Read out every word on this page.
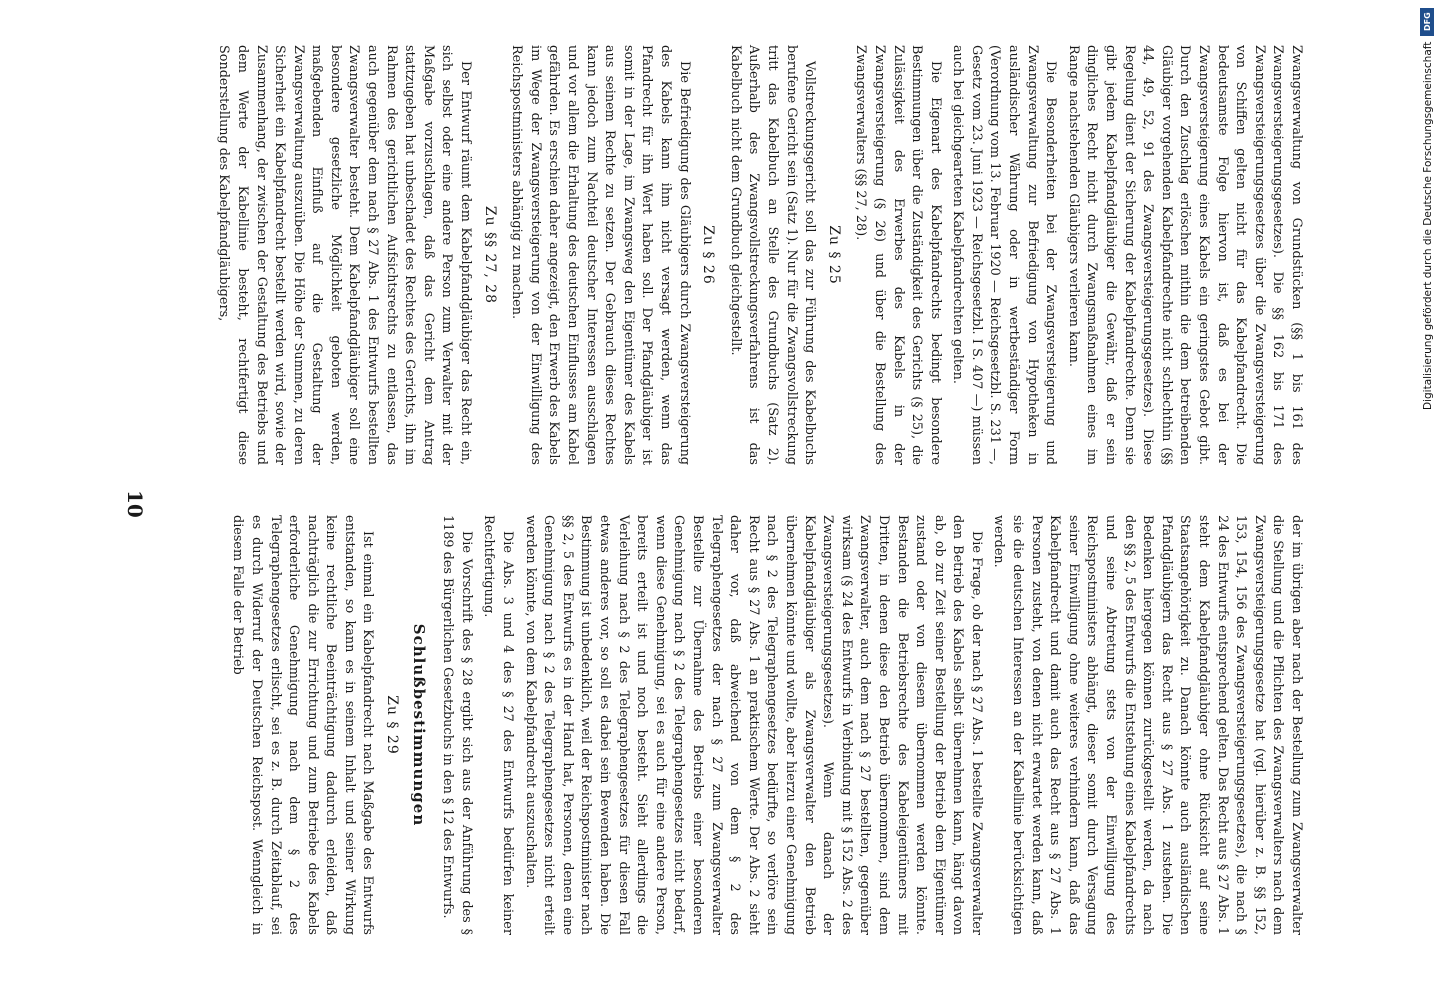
Zwangsverwaltung von Grundstücken (§§ 1 bis 161 des Zwangsversteigerungsgesetzes). Die §§ 162 bis 171 des Zwangsversteigerungsgesetzes über die Zwangsversteigerung von Schiffen gelten nicht für das Kabelpfandrecht. Die bedeutsamste Folge hiervon ist, daß es bei der Zwangsversteigerung eines Kabels ein geringstes Gebot gibt. Durch den Zuschlag erlöschen mithin die dem betreibenden Gläubiger vorgehenden Kabelpfandrechte nicht schlechthin (§§ 44, 49, 52, 91 des Zwangsversteigerungsgesetzes). Diese Regelung dient der Sicherung der Kabelpfandrechte. Denn sie gibt jedem Kabelpfandgläubiger die Gewähr, daß er sein dingliches Recht nicht durch Zwangsmaßnahmen eines im Range nachstehenden Gläubigers verlieren kann.

Die Besonderheiten bei der Zwangsversteigerung und Zwangsverwaltung zur Befriedigung von Hypotheken in ausländischer Währung oder in wertbeständiger Form (Verordnung vom 13. Februar 1920 — Reichsgesetzbl. S. 231 —, Gesetz vom 23. Juni 1923 — Reichsgesetzbl. I S. 407 —) müssen auch bei gleichgearteten Kabelpfandrechten gelten.

Die Eigenart des Kabelpfandrechts bedingt besondere Bestimmungen über die Zuständigkeit des Gerichts (§ 25), die Zulässigkeit des Erwerbes des Kabels in der Zwangsversteigerung (§ 26) und über die Bestellung des Zwangsverwalters (§§ 27, 28).

Zu § 25

Vollstreckungsgericht soll das zur Führung des Kabelbuchs berufene Gericht sein (Satz 1). Nur für die Zwangsvollstreckung tritt das Kabelbuch an Stelle des Grundbuchs (Satz 2). Außerhalb des Zwangsvollstreckungsverfahrens ist das Kabelbuch nicht dem Grundbuch gleichgestellt.

Zu § 26

Die Befriedigung des Gläubigers durch Zwangsversteigerung des Kabels kann ihm nicht versagt werden, wenn das Pfandrecht für ihn Wert haben soll. Der Pfandgläubiger ist somit in der Lage, im Zwangsweg den Eigentümer des Kabels aus seinem Rechte zu setzen. Der Gebrauch dieses Rechtes kann jedoch zum Nachteil deutscher Interessen ausschlagen und vor allem die Erhaltung des deutschen Einflusses am Kabel gefährden. Es erschien daher angezeigt, den Erwerb des Kabels im Wege der Zwangsversteigerung von der Einwilligung des Reichspostministers abhängig zu machen.

Zu §§ 27, 28

Der Entwurf räumt dem Kabelpfandgläubiger das Recht ein, sich selbst oder eine andere Person zum Verwalter mit der Maßgabe vorzuschlagen, daß das Gericht dem Antrag stattzugeben hat unbeschadet des Rechtes des Gerichts, ihn im Rahmen des gerichtlichen Aufsichtsrechts zu entlassen, das auch gegenüber dem nach § 27 Abs. 1 des Entwurfs bestellten Zwangsverwalter besteht. Dem Kabelpfandgläubiger soll eine besondere gesetzliche Möglichkeit geboten werden, maßgebenden Einfluß auf die Gestaltung der Zwangsverwaltung auszuüben. Die Höhe der Summen, zu deren Sicherheit ein Kabelpfandrecht bestellt werden wird, sowie der Zusammenhang, der zwischen der Gestaltung des Betriebs und dem Werte der Kabellinie besteht, rechtfertigt diese Sonderstellung des Kabelpfandgläubigers,

der im übrigen aber nach der Bestellung zum Zwangsverwalter die Stellung und die Pflichten des Zwangsverwalters nach dem Zwangsversteigerungsgesetze hat (vgl. hierüber z. B. §§ 152, 153, 154, 156 des Zwangsversteigerungsgesetzes), die nach § 24 des Entwurfs entsprechend gelten. Das Recht aus § 27 Abs. 1 steht dem Kabelpfandgläubiger ohne Rücksicht auf seine Staatsangehörigkeit zu. Danach könnte auch ausländischen Pfandgläubigern das Recht aus § 27 Abs. 1 zustehen. Die Bedenken hiergegen können zurückgestellt werden, da nach den §§ 2, 5 des Entwurfs die Entstehung eines Kabelpfandrechts und seine Abtretung stets von der Einwilligung des Reichspostministers abhängt, dieser somit durch Versagung seiner Einwilligung ohne weiteres verhindern kann, daß das Kabelpfandrecht und damit auch das Recht aus § 27 Abs. 1 Personen zusteht, von denen nicht erwartet werden kann, daß sie die deutschen Interessen an der Kabellinie berücksichtigen werden.

Die Frage, ob der nach § 27 Abs. 1 bestellte Zwangsverwalter den Betrieb des Kabels selbst übernehmen kann, hängt davon ab, ob zur Zeit seiner Bestellung der Betrieb dem Eigentümer zustand oder von diesem übernommen werden könnte. Bestanden die Betriebsrechte des Kabeleigentümers mit Dritten, in denen diese den Betrieb übernommen, sind dem Zwangsverwalter, auch dem nach § 27 bestellten, gegenüber wirksam (§ 24 des Entwurfs in Verbindung mit § 152 Abs. 2 des Zwangsversteigerungsgesetzes). Wenn danach der Kabelpfandgläubiger als Zwangsverwalter den Betrieb übernehmen könnte und wollte, aber hierzu einer Genehmigung nach § 2 des Telegraphengesetzes bedürfte, so verlöre sein Recht aus § 27 Abs. 1 an praktischem Werte. Der Abs. 2 sieht daher vor, daß abweichend von dem § 2 des Telegraphengesetzes der nach § 27 zum Zwangsverwalter Bestellte zur Übernahme des Betriebs einer besonderen Genehmigung nach § 2 des Telegraphengesetzes nicht bedarf, wenn diese Genehmigung, sei es auch für eine andere Person, bereits erteilt ist und noch besteht. Sieht allerdings die Verleihung nach § 2 des Telegraphengesetzes für diesen Fall etwas anderes vor, so soll es dabei sein Bewenden haben. Die Bestimmung ist unbedenklich, weil der Reichspostminister nach §§ 2, 5 des Entwurfs es in der Hand hat, Personen, denen eine Genehmigung nach § 2 des Telegraphengesetzes nicht erteilt werden könnte, von dem Kabelpfandrecht auszuschalten.

Die Abs. 3 und 4 des § 27 des Entwurfs bedürfen keiner Rechtfertigung.

Die Vorschrift des § 28 ergibt sich aus der Anführung des § 1189 des Bürgerlichen Gesetzbuchs in den § 12 des Entwurfs.

Schlußbestimmungen
Zu § 29

Ist einmal ein Kabelpfandrecht nach Maßgabe des Entwurfs entstanden, so kann es in seinem Inhalt und seiner Wirkung keine rechtliche Beeinträchtigung dadurch erleiden, daß nachträglich die zur Errichtung und zum Betriebe des Kabels erforderliche Genehmigung nach dem § 2 des Telegraphengesetzes erlischt, sei es z. B. durch Zeitablauf, sei es durch Widerruf der Deutschen Reichspost. Wenngleich in diesem Falle der Betrieb

10
DFG
Digitalisierung gefördert durch die Deutsche Forschungsgemeinschaft
